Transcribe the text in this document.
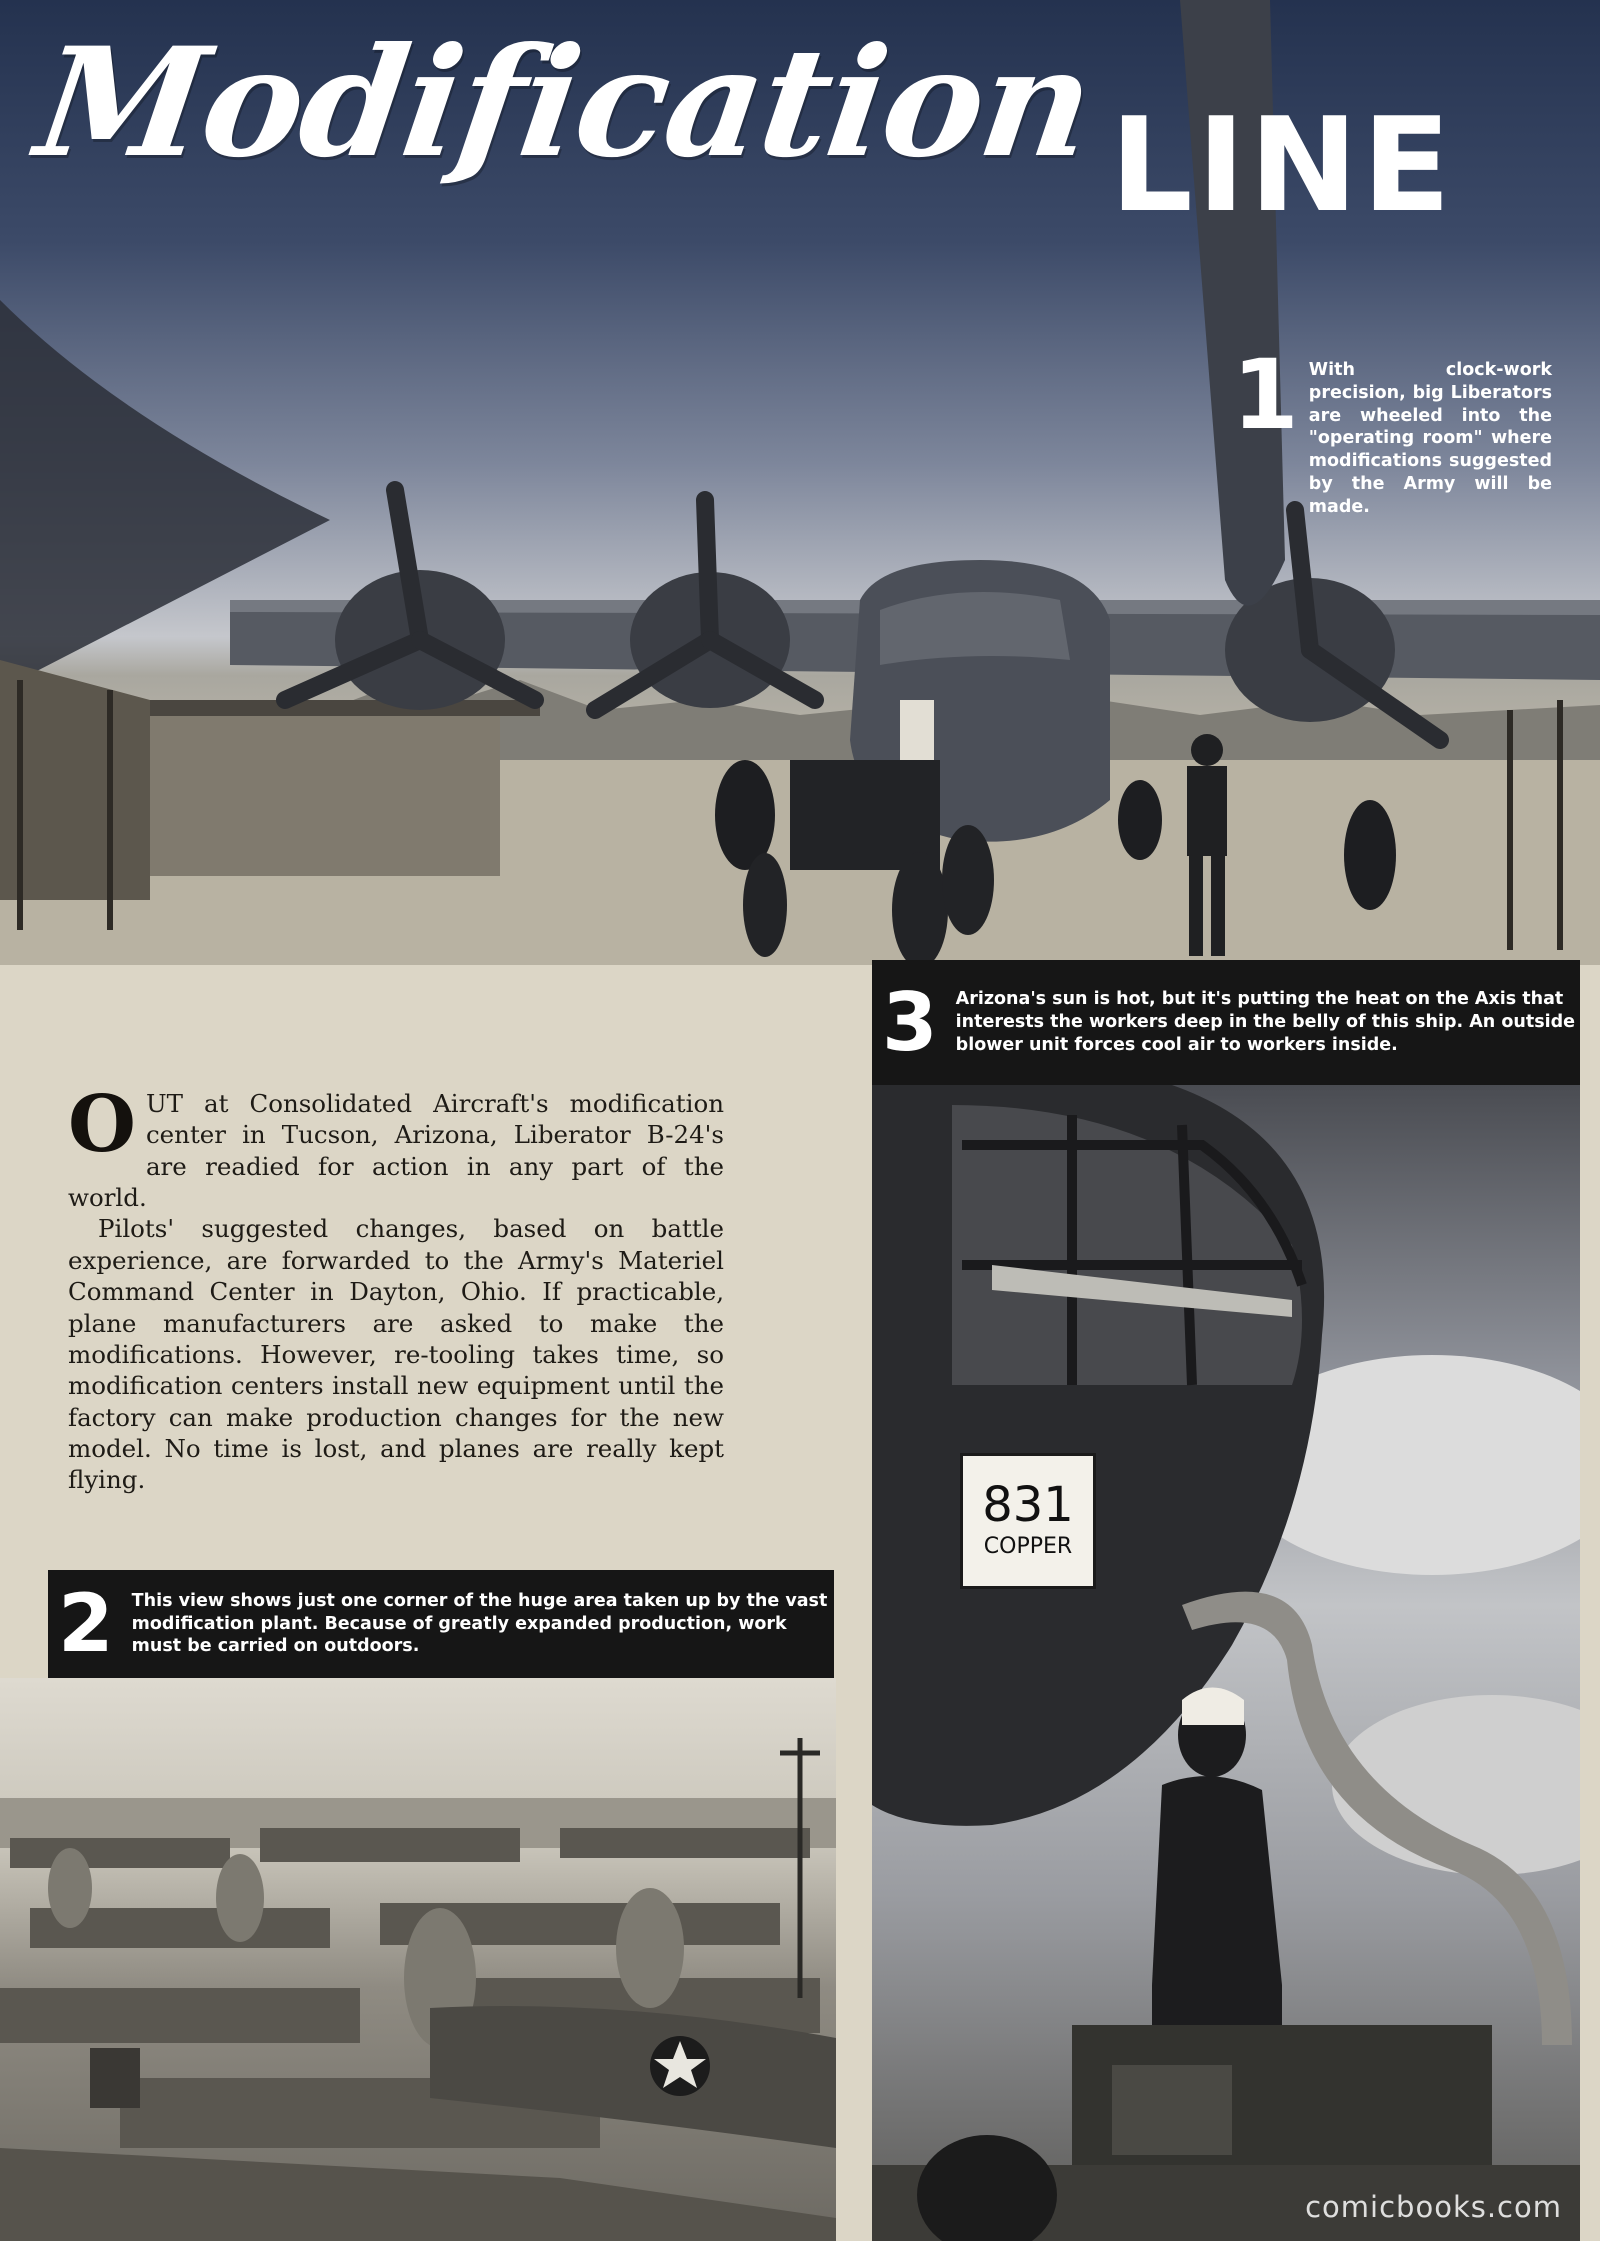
Modification LINE
1 With clock-work precision, big Liberators are wheeled into the "operating room" where modifications suggested by the Army will be made.

OUT at Consolidated Aircraft's modification center in Tucson, Arizona, Liberator B-24's are readied for action in any part of the world.

Pilots' suggested changes, based on battle experience, are forwarded to the Army's Materiel Command Center in Dayton, Ohio. If practicable, plane manufacturers are asked to make the modifications. However, re-tooling takes time, so modification centers install new equipment until the factory can make production changes for the new model. No time is lost, and planes are really kept flying.

3 Arizona's sun is hot, but it's putting the heat on the Axis that interests the workers deep in the belly of this ship. An outside blower unit forces cool air to workers inside.
831
COPPER
2 This view shows just one corner of the huge area taken up by the vast modification plant. Because of greatly expanded production, work must be carried on outdoors.
comicbooks.com
